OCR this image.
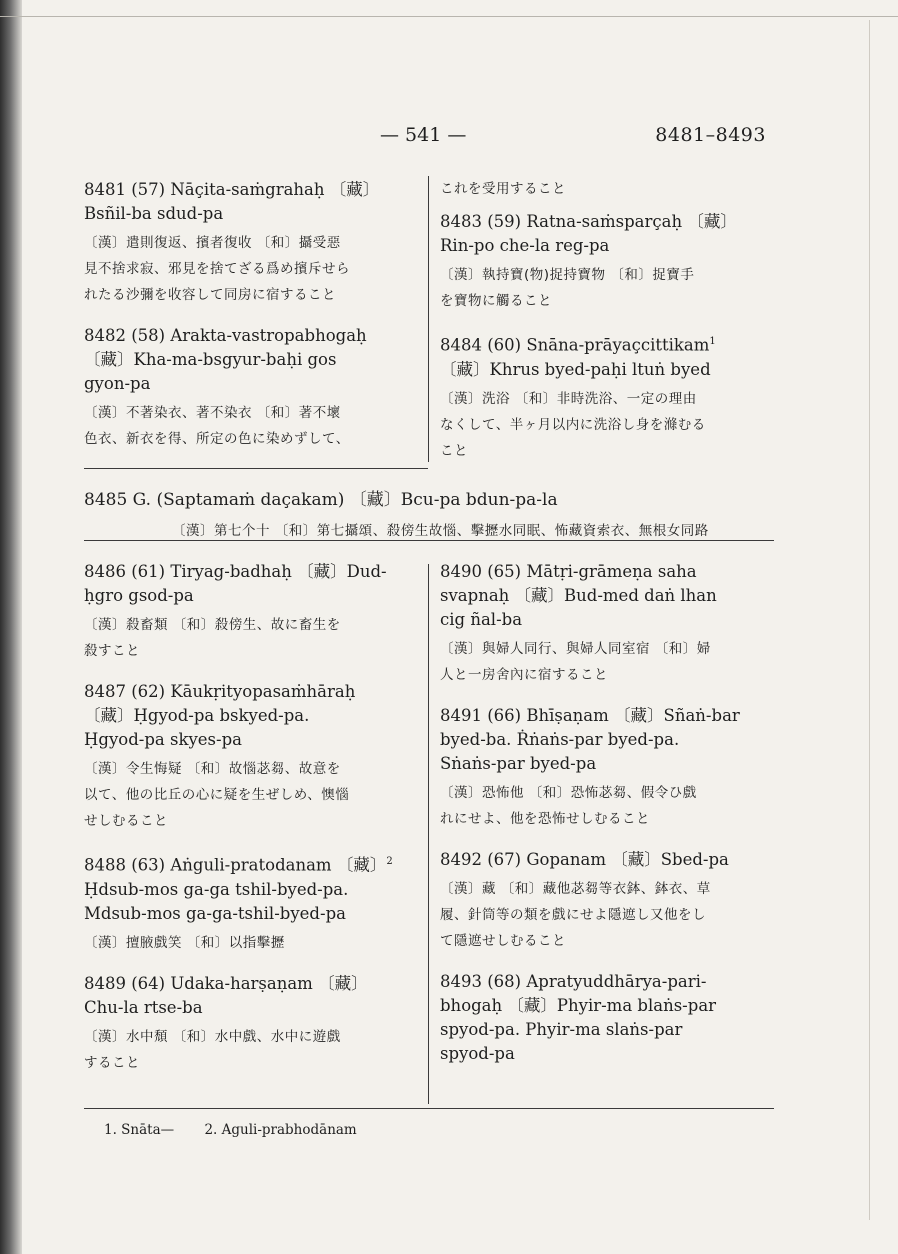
— 541 —	8481–8493
8481 (57) Nāçita-saṁgrahaḥ 〔藏〕
Bsñil-ba sdud-pa
〔漢〕遣則復返、擯者復收 〔和〕攝受惡
見不捨求寂、邪見を捨てざる爲め擯斥せら
れたる沙彌を收容して同房に宿すること
8482 (58) Arakta-vastropabhogaḥ
〔藏〕Kha-ma-bsgyur-baḥi gos
gyon-pa
〔漢〕不著染衣、著不染衣 〔和〕著不壞
色衣、新衣を得、所定の色に染めずして、
これを受用すること
8483 (59) Ratna-saṁsparçaḥ 〔藏〕
Rin-po che-la reg-pa
〔漢〕執持寶(物)捉持寶物 〔和〕捉寶手
を寶物に觸ること
8484 (60) Snāna-prāyaçcittikam$^1$
〔藏〕Khrus byed-paḥi ltuṅ byed
〔漢〕洗浴 〔和〕非時洗浴、一定の理由
なくして、半ヶ月以内に洗浴し身を滌むる
こと
8485 G. (Saptamaṁ daçakam) 〔藏〕Bcu-pa bdun-pa-la
〔漢〕第七个十 〔和〕第七攝頌、殺傍生故惱、擊攊水同眠、怖藏資索衣、無根女同路
8486 (61) Tiryag-badhaḥ 〔藏〕Dud-
ḥgro gsod-pa
〔漢〕殺畜類 〔和〕殺傍生、故に畜生を
殺すこと
8487 (62) Kāukṛityopasaṁhāraḥ
〔藏〕Ḥgyod-pa bskyed-pa.
Ḥgyod-pa skyes-pa
〔漢〕令生悔疑 〔和〕故惱苾芻、故意を
以て、他の比丘の心に疑を生ぜしめ、懊惱
せしむること
8488 (63) Aṅguli-pratodanam 〔藏〕$^2$
Ḥdsub-mos ga-ga tshil-byed-pa.
Mdsub-mos ga-ga-tshil-byed-pa
〔漢〕擅腋戲笑 〔和〕以指擊攊
8489 (64) Udaka-harṣaṇam 〔藏〕
Chu-la rtse-ba
〔漢〕水中頹 〔和〕水中戲、水中に遊戲
すること
8490 (65) Mātṛi-grāmeṇa saha
svapnaḥ 〔藏〕Bud-med daṅ lhan
cig ñal-ba
〔漢〕與婦人同行、與婦人同室宿 〔和〕婦
人と一房舍內に宿すること
8491 (66) Bhīṣaṇam 〔藏〕Sñaṅ-bar
byed-ba. Ṙṅaṅs-par byed-pa.
Sṅaṅs-par byed-pa
〔漢〕恐怖他 〔和〕恐怖苾芻、假令ひ戲
れにせよ、他を恐怖せしむること
8492 (67) Gopanam 〔藏〕Sbed-pa
〔漢〕藏 〔和〕藏他苾芻等衣鉢、鉢衣、草
履、針筒等の類を戲にせよ隱遮し又他をし
て隱遮せしむること
8493 (68) Apratyuddhārya-pari-
bhogaḥ 〔藏〕Phyir-ma blaṅs-par
spyod-pa. Phyir-ma slaṅs-par
spyod-pa
1. Snāta— 2. Aguli-prabhodānam
